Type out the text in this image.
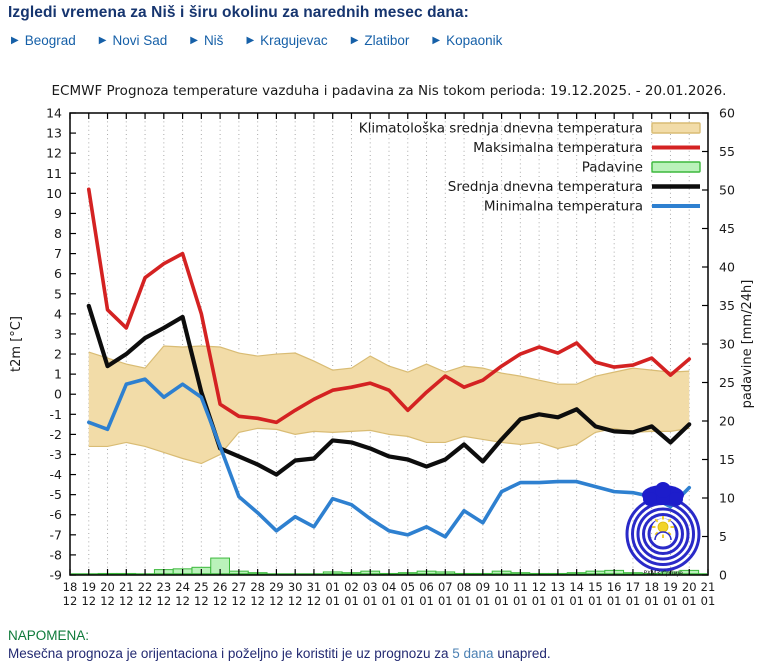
Izgledi vremena za Niš i širu okolinu za narednih mesec dana:
▶ Beograd ▶ Novi Sad ▶ Niš ▶ Kragujevac ▶ Zlatibor ▶ Kopaonik
14
13
12
11
10
9
8
7
6
5
4
3
2
1
0
-1
-2
-3
-4
-5
-6
-7
-8
-9	0
5
10
15
20
25
30
35
40
45
50
55
60
18
12
19
12
20
12
21
12
22
12
23
12
24
12
25
12
26
12
27
12
28
12
29
12
30
12
31
12
01
01
02
01
03
01
04
01
05
01
06
01
07
01
08
01
09
01
10
01
11
01
12
01
13
01
14
01
15
01
16
01
17
01
18
01
19
01
20
01
21
01
ECMWF Prognoza temperature vazduha i padavina za Nis tokom perioda: 19.12.2025. - 20.01.2026.
t2m [°C]	padavine [mm/24h]
Klimatološka srednja dnevna temperatura
Maksimalna temperatura
Padavine
Srednja dnevna temperatura
Minimalna temperatura
РХМЗ Србије
NAPOMENA:
Mesečna prognoza je orijentaciona i poželjno je koristiti je uz prognozu za 5 dana unapred.
